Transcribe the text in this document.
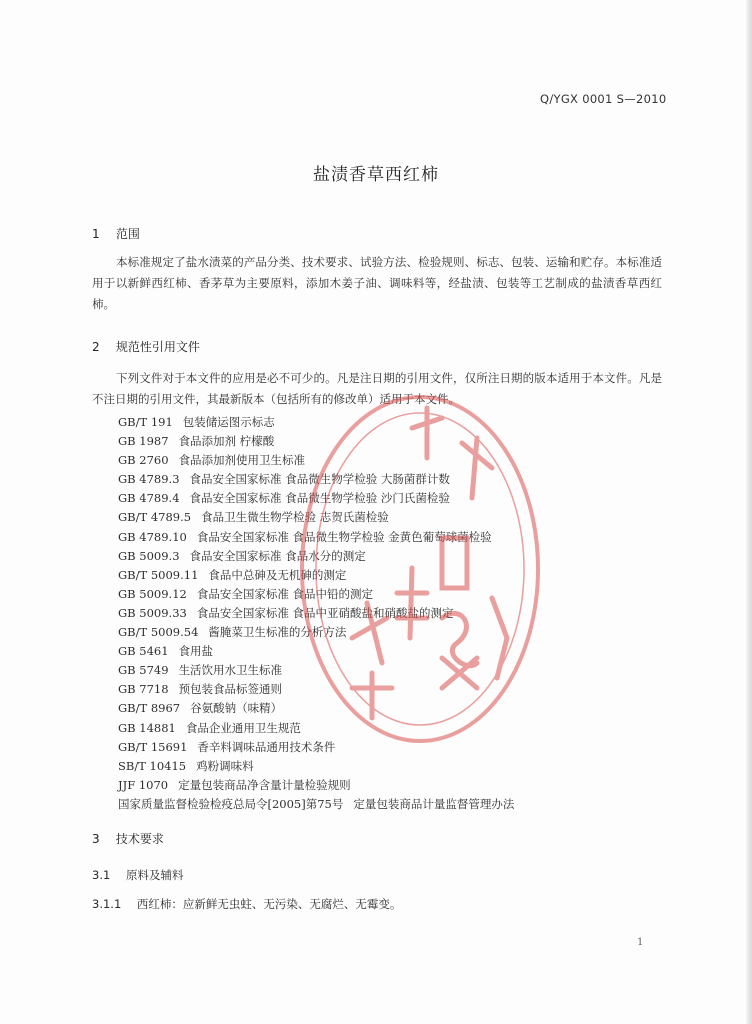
Q/YGX 0001 S—2010
盐渍香草西红柿
1 范围

本标准规定了盐水渍菜的产品分类、技术要求、试验方法、检验规则、标志、包装、运输和贮存。本标准适用于以新鲜西红柿、香茅草为主要原料，添加木姜子油、调味料等，经盐渍、包装等工艺制成的盐渍香草西红柿。

2 规范性引用文件

下列文件对于本文件的应用是必不可少的。凡是注日期的引用文件，仅所注日期的版本适用于本文件。凡是不注日期的引用文件，其最新版本（包括所有的修改单）适用于本文件。

GB/T 191 包装储运图示标志
GB 1987 食品添加剂 柠檬酸
GB 2760 食品添加剂使用卫生标准
GB 4789.3 食品安全国家标准 食品微生物学检验 大肠菌群计数
GB 4789.4 食品安全国家标准 食品微生物学检验 沙门氏菌检验
GB/T 4789.5 食品卫生微生物学检验 志贺氏菌检验
GB 4789.10 食品安全国家标准 食品微生物学检验 金黄色葡萄球菌检验
GB 5009.3 食品安全国家标准 食品水分的测定
GB/T 5009.11 食品中总砷及无机砷的测定
GB 5009.12 食品安全国家标准 食品中铅的测定
GB 5009.33 食品安全国家标准 食品中亚硝酸盐和硝酸盐的测定
GB/T 5009.54 酱腌菜卫生标准的分析方法
GB 5461 食用盐
GB 5749 生活饮用水卫生标准
GB 7718 预包装食品标签通则
GB/T 8967 谷氨酸钠（味精）
GB 14881 食品企业通用卫生规范
GB/T 15691 香辛料调味品通用技术条件
SB/T 10415 鸡粉调味料
JJF 1070 定量包装商品净含量计量检验规则
国家质量监督检验检疫总局令[2005]第75号 定量包装商品计量监督管理办法
3 技术要求
3.1 原料及辅料
3.1.1 西红柿：应新鲜无虫蛀、无污染、无腐烂、无霉变。
1
